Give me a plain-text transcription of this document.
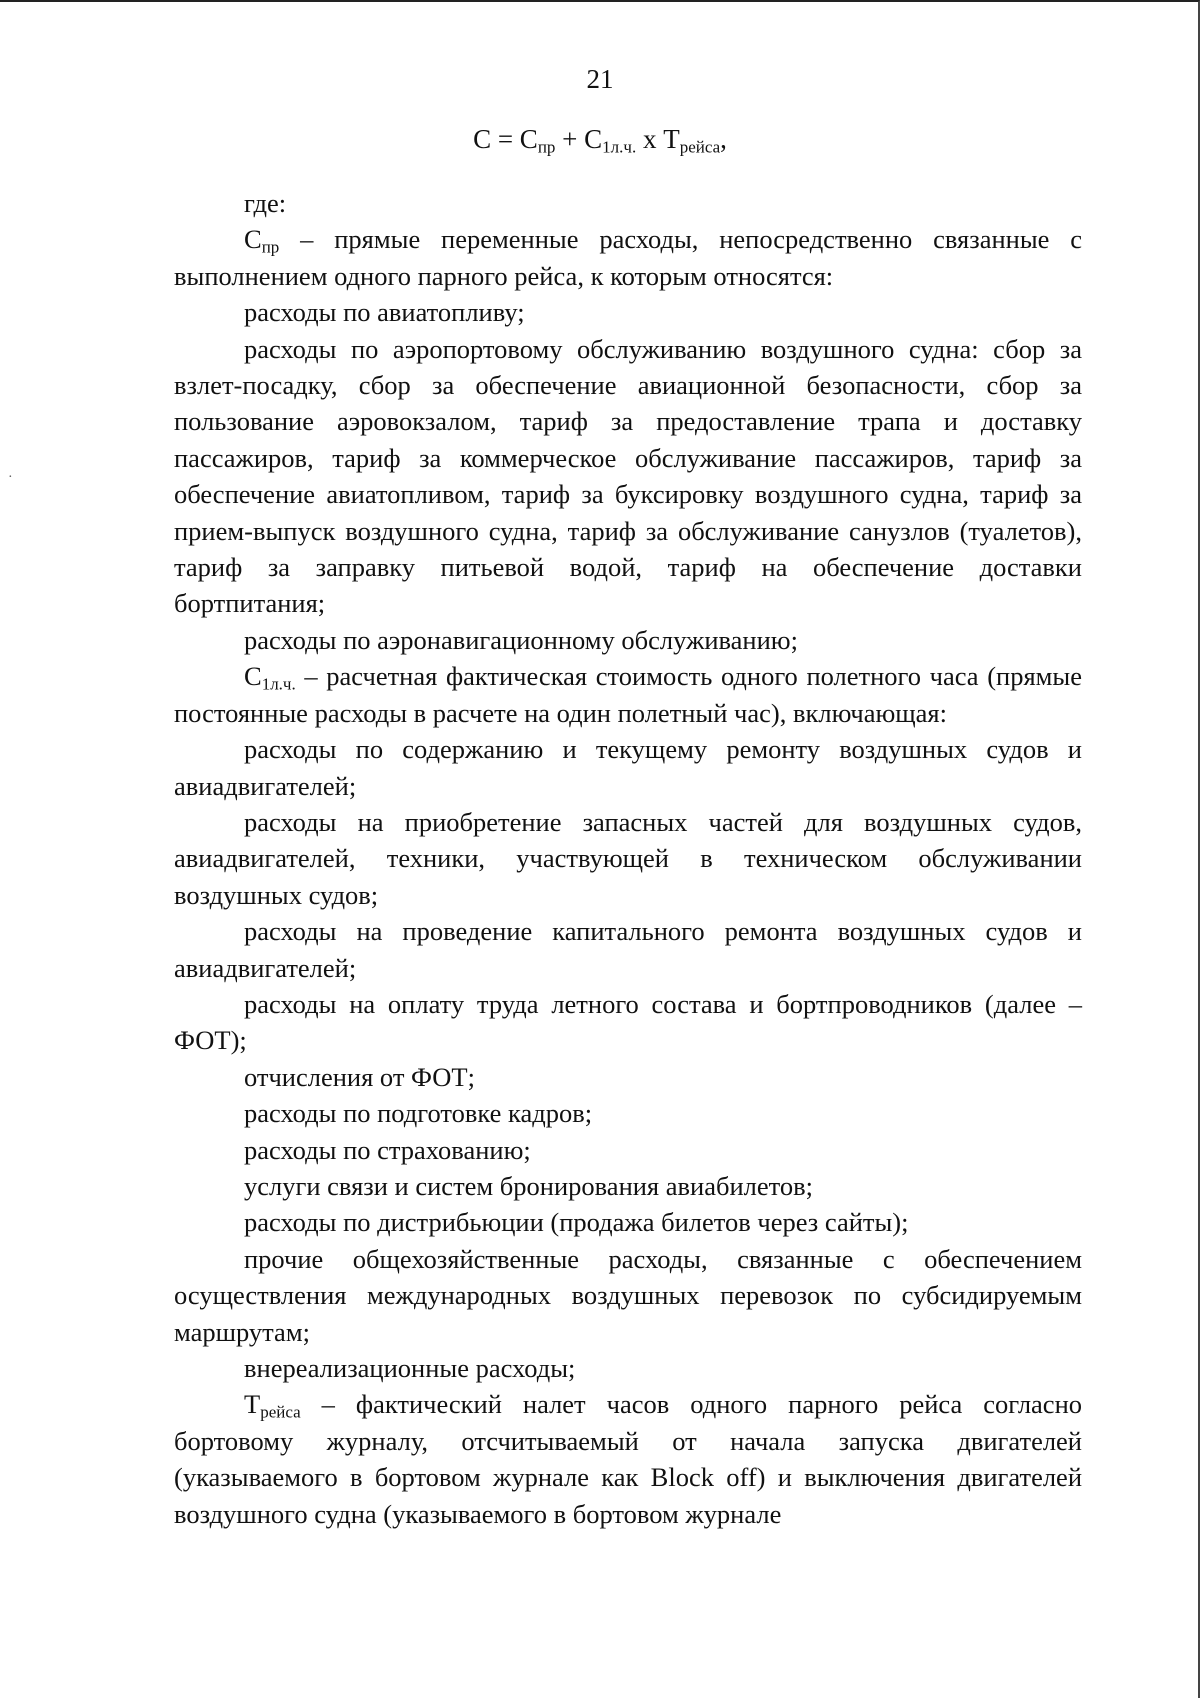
·
21
$С = С_{пр} + С_{1л.ч.}$ х $Т_{рейса}$,

где:

$С_{пр}$ – прямые переменные расходы, непосредственно связанные с выполнением одного парного рейса, к которым относятся:

расходы по авиатопливу;

расходы по аэропортовому обслуживанию воздушного судна: сбор за взлет-посадку, сбор за обеспечение авиационной безопасности, сбор за пользование аэровокзалом, тариф за предоставление трапа и доставку пассажиров, тариф за коммерческое обслуживание пассажиров, тариф за обеспечение авиатопливом, тариф за буксировку воздушного судна, тариф за прием-выпуск воздушного судна, тариф за обслуживание санузлов (туалетов), тариф за заправку питьевой водой, тариф на обеспечение доставки бортпитания;

расходы по аэронавигационному обслуживанию;

$С_{1л.ч.}$ – расчетная фактическая стоимость одного полетного часа (прямые постоянные расходы в расчете на один полетный час), включающая:

расходы по содержанию и текущему ремонту воздушных судов и авиадвигателей;

расходы на приобретение запасных частей для воздушных судов, авиадвигателей, техники, участвующей в техническом обслуживании воздушных судов;

расходы на проведение капитального ремонта воздушных судов и авиадвигателей;

расходы на оплату труда летного состава и бортпроводников (далее – ФОТ);

отчисления от ФОТ;

расходы по подготовке кадров;

расходы по страхованию;

услуги связи и систем бронирования авиабилетов;

расходы по дистрибьюции (продажа билетов через сайты);

прочие общехозяйственные расходы, связанные с обеспечением осуществления международных воздушных перевозок по субсидируемым маршрутам;

внереализационные расходы;

$Т_{рейса}$ – фактический налет часов одного парного рейса согласно бортовому журналу, отсчитываемый от начала запуска двигателей (указываемого в бортовом журнале как Block off) и выключения двигателей воздушного судна (указываемого в бортовом журнале
